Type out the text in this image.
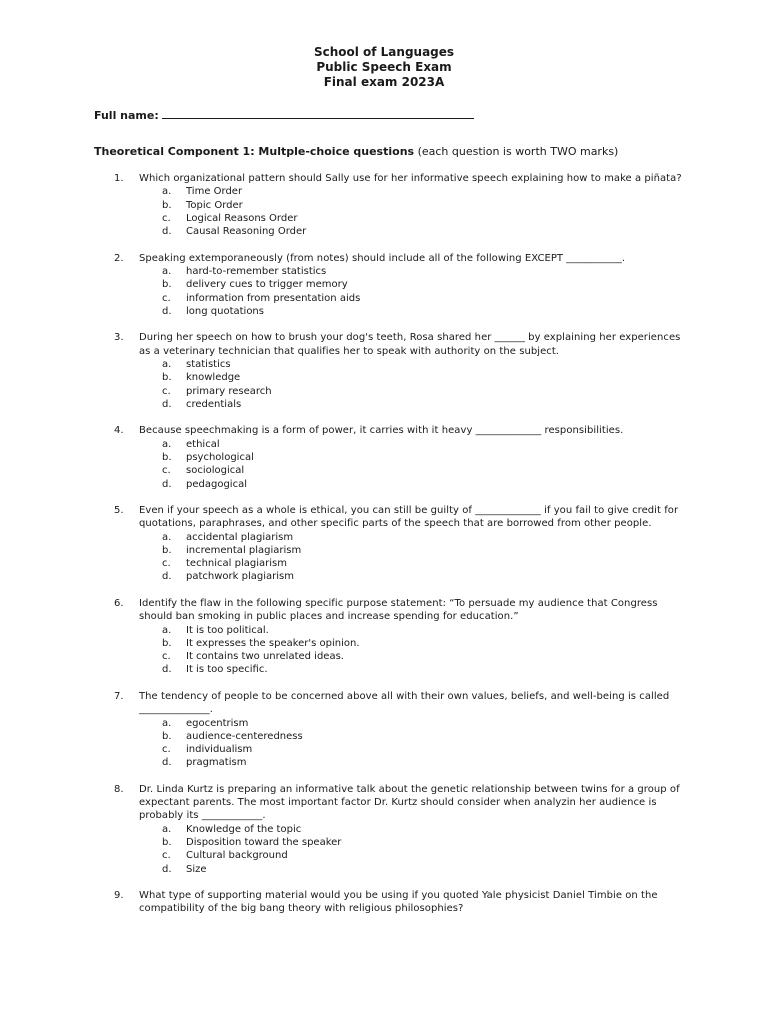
School of Languages
Public Speech Exam
Final exam 2023A
Full name:
Theoretical Component 1: Multple-choice questions (each question is worth TWO marks)
1.	Which organizational pattern should Sally use for her informative speech explaining how to make a piñata?
a. Time Order
b. Topic Order
c. Logical Reasons Order
d. Causal Reasoning Order
2.	Speaking extemporaneously (from notes) should include all of the following EXCEPT ___________.
a. hard-to-remember statistics
b. delivery cues to trigger memory
c. information from presentation aids
d. long quotations
3.	During her speech on how to brush your dog's teeth, Rosa shared her ______ by explaining her experiences as a veterinary technician that qualifies her to speak with authority on the subject.
a. statistics
b. knowledge
c. primary research
d. credentials
4.	Because speechmaking is a form of power, it carries with it heavy _____________ responsibilities.
a. ethical
b. psychological
c. sociological
d. pedagogical
5.	Even if your speech as a whole is ethical, you can still be guilty of _____________ if you fail to give credit for quotations, paraphrases, and other specific parts of the speech that are borrowed from other people.
a. accidental plagiarism
b. incremental plagiarism
c. technical plagiarism
d. patchwork plagiarism
6.	Identify the flaw in the following specific purpose statement: “To persuade my audience that Congress should ban smoking in public places and increase spending for education.”
a. It is too political.
b. It expresses the speaker's opinion.
c. It contains two unrelated ideas.
d. It is too specific.
7.	The tendency of people to be concerned above all with their own values, beliefs, and well-being is called ______________.
a. egocentrism
b. audience-centeredness
c. individualism
d. pragmatism
8.	Dr. Linda Kurtz is preparing an informative talk about the genetic relationship between twins for a group of expectant parents. The most important factor Dr. Kurtz should consider when analyzin her audience is probably its ____________.
a. Knowledge of the topic
b. Disposition toward the speaker
c. Cultural background
d. Size
9.	What type of supporting material would you be using if you quoted Yale physicist Daniel Timbie on the compatibility of the big bang theory with religious philosophies?
